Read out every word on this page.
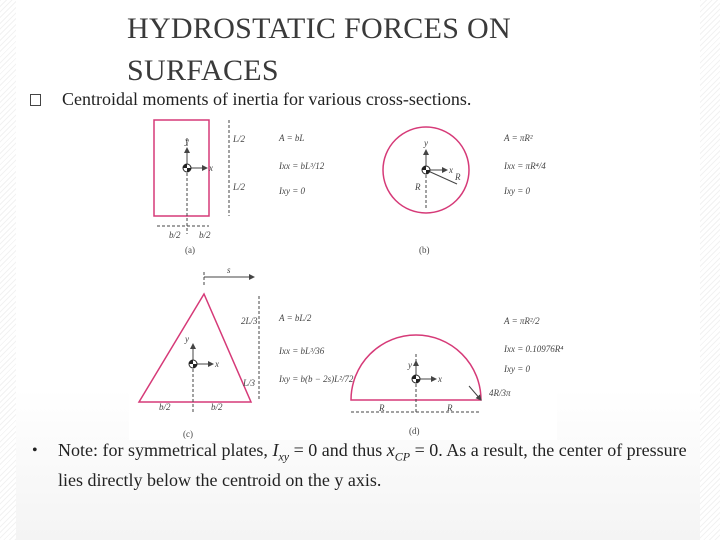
HYDROSTATIC FORCES ON
SURFACES
Centroidal moments of inertia for various cross-sections.
y
x
L/2
L/2
b/2 b/2
(a)
A = bL
Ixx = bL³/12
Ixy = 0
y
x
R
R
(b)
A = πR²
Ixx = πR⁴/4
Ixy = 0
s
y
x
2L/3
L/3
b/2	b/2
(c)
A = bL/2
Ixx = bL³/36
Ixy = b(b − 2s)L²/72
y
x
4R/3π
R	R
(d)
A = πR²/2
Ixx = 0.10976R⁴
Ixy = 0
• Note: for symmetrical plates, $I_{xy} = 0$ and thus $x_{CP} = 0$. As a result, the center of pressure lies directly below the centroid on the y axis.
